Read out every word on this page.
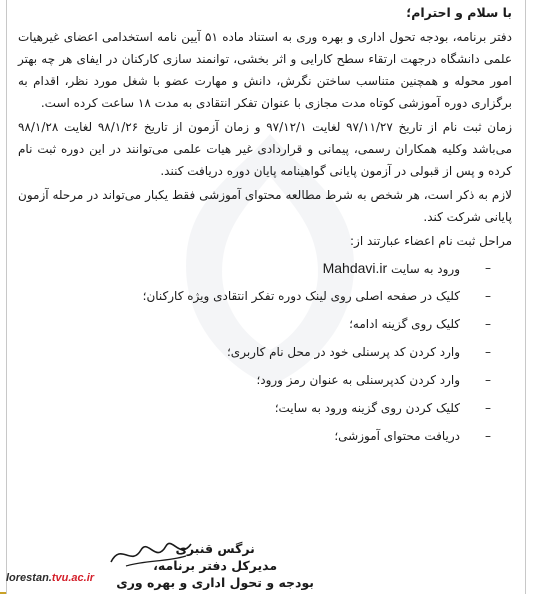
با سلام و احترام؛

دفتر برنامه، بودجه تحول اداری و بهره وری به استناد ماده ۵۱ آیین نامه استخدامی اعضای غیرهیات علمی دانشگاه درجهت ارتقاء سطح کارایی و اثر بخشی، توانمند سازی کارکنان در ایفای هر چه بهتر امور محوله و همچنین متناسب ساختن نگرش، دانش و مهارت عضو با شغل مورد نظر، اقدام به برگزاری دوره آموزشی کوتاه مدت مجازی با عنوان تفکر انتقادی به مدت ۱۸ ساعت کرده است.

زمان ثبت نام از تاریخ ۹۷/۱۱/۲۷ لغایت ۹۷/۱۲/۱ و زمان آزمون از تاریخ ۹۸/۱/۲۶ لغایت ۹۸/۱/۲۸ می‌باشد وکلیه همکاران رسمی، پیمانی و قراردادی غیر هیات علمی می‌توانند در این دوره ثبت نام کرده و پس از قبولی در آزمون پایانی گواهینامه پایان دوره دریافت کنند.

لازم به ذکر است، هر شخص به شرط مطالعه محتوای آموزشی فقط یکبار می‌تواند در مرحله آزمون پایانی شرکت کند.

مراحل ثبت نام اعضاء عبارتند از:

–
ورود به سایت Mahdavi.ir
–
کلیک در صفحه اصلی روی لینک دوره تفکر انتقادی ویژه کارکنان؛
–
کلیک روی گزینه ادامه؛
–
وارد کردن کد پرسنلی خود در محل نام کاربری؛
–
وارد کردن کدپرسنلی به عنوان رمز ورود؛
–
کلیک کردن روی گزینه ورود به سایت؛
–
دریافت محتوای آموزشی؛
نرگس قنبری
مدیرکل دفتر برنامه،
بودجه و تحول اداری و بهره وری
lorestan.tvu.ac.ir
